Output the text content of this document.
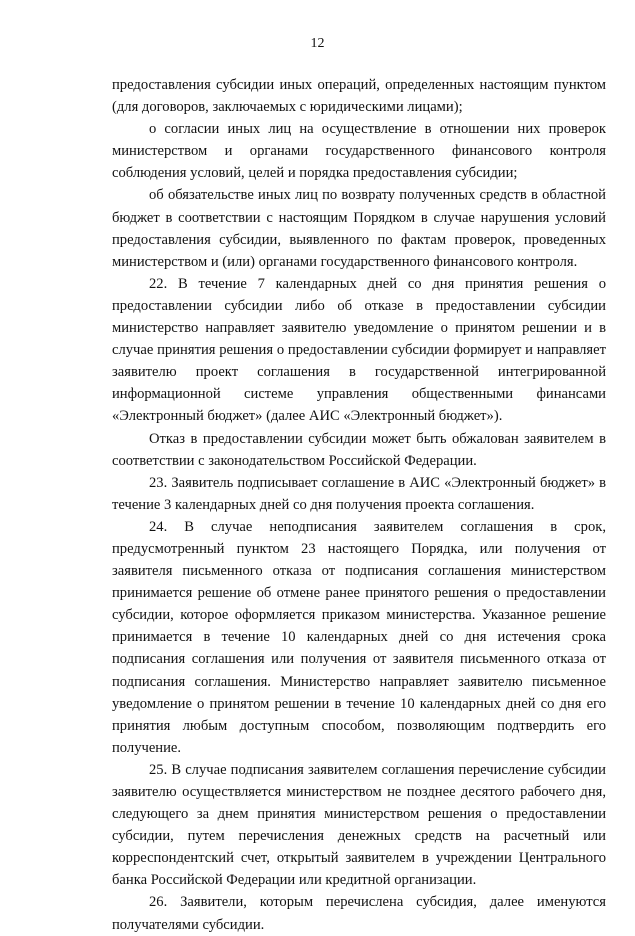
12

предоставления субсидии иных операций, определенных настоящим пунктом (для договоров, заключаемых с юридическими лицами);

о согласии иных лиц на осуществление в отношении них проверок министерством и органами государственного финансового контроля соблюдения условий, целей и порядка предоставления субсидии;

об обязательстве иных лиц по возврату полученных средств в областной бюджет в соответствии с настоящим Порядком в случае нарушения условий предоставления субсидии, выявленного по фактам проверок, проведенных министерством и (или) органами государственного финансового контроля.

22. В течение 7 календарных дней со дня принятия решения о предоставлении субсидии либо об отказе в предоставлении субсидии министерство направляет заявителю уведомление о принятом решении и в случае принятия решения о предоставлении субсидии формирует и направляет заявителю проект соглашения в государственной интегрированной информационной системе управления общественными финансами «Электронный бюджет» (далее АИС «Электронный бюджет»).

Отказ в предоставлении субсидии может быть обжалован заявителем в соответствии с законодательством Российской Федерации.

23. Заявитель подписывает соглашение в АИС «Электронный бюджет» в течение 3 календарных дней со дня получения проекта соглашения.

24. В случае неподписания заявителем соглашения в срок, предусмотренный пунктом 23 настоящего Порядка, или получения от заявителя письменного отказа от подписания соглашения министерством принимается решение об отмене ранее принятого решения о предоставлении субсидии, которое оформляется приказом министерства. Указанное решение принимается в течение 10 календарных дней со дня истечения срока подписания соглашения или получения от заявителя письменного отказа от подписания соглашения. Министерство направляет заявителю письменное уведомление о принятом решении в течение 10 календарных дней со дня его принятия любым доступным способом, позволяющим подтвердить его получение.

25. В случае подписания заявителем соглашения перечисление субсидии заявителю осуществляется министерством не позднее десятого рабочего дня, следующего за днем принятия министерством решения о предоставлении субсидии, путем перечисления денежных средств на расчетный или корреспондентский счет, открытый заявителем в учреждении Центрального банка Российской Федерации или кредитной организации.

26. Заявители, которым перечислена субсидия, далее именуются получателями субсидии.
